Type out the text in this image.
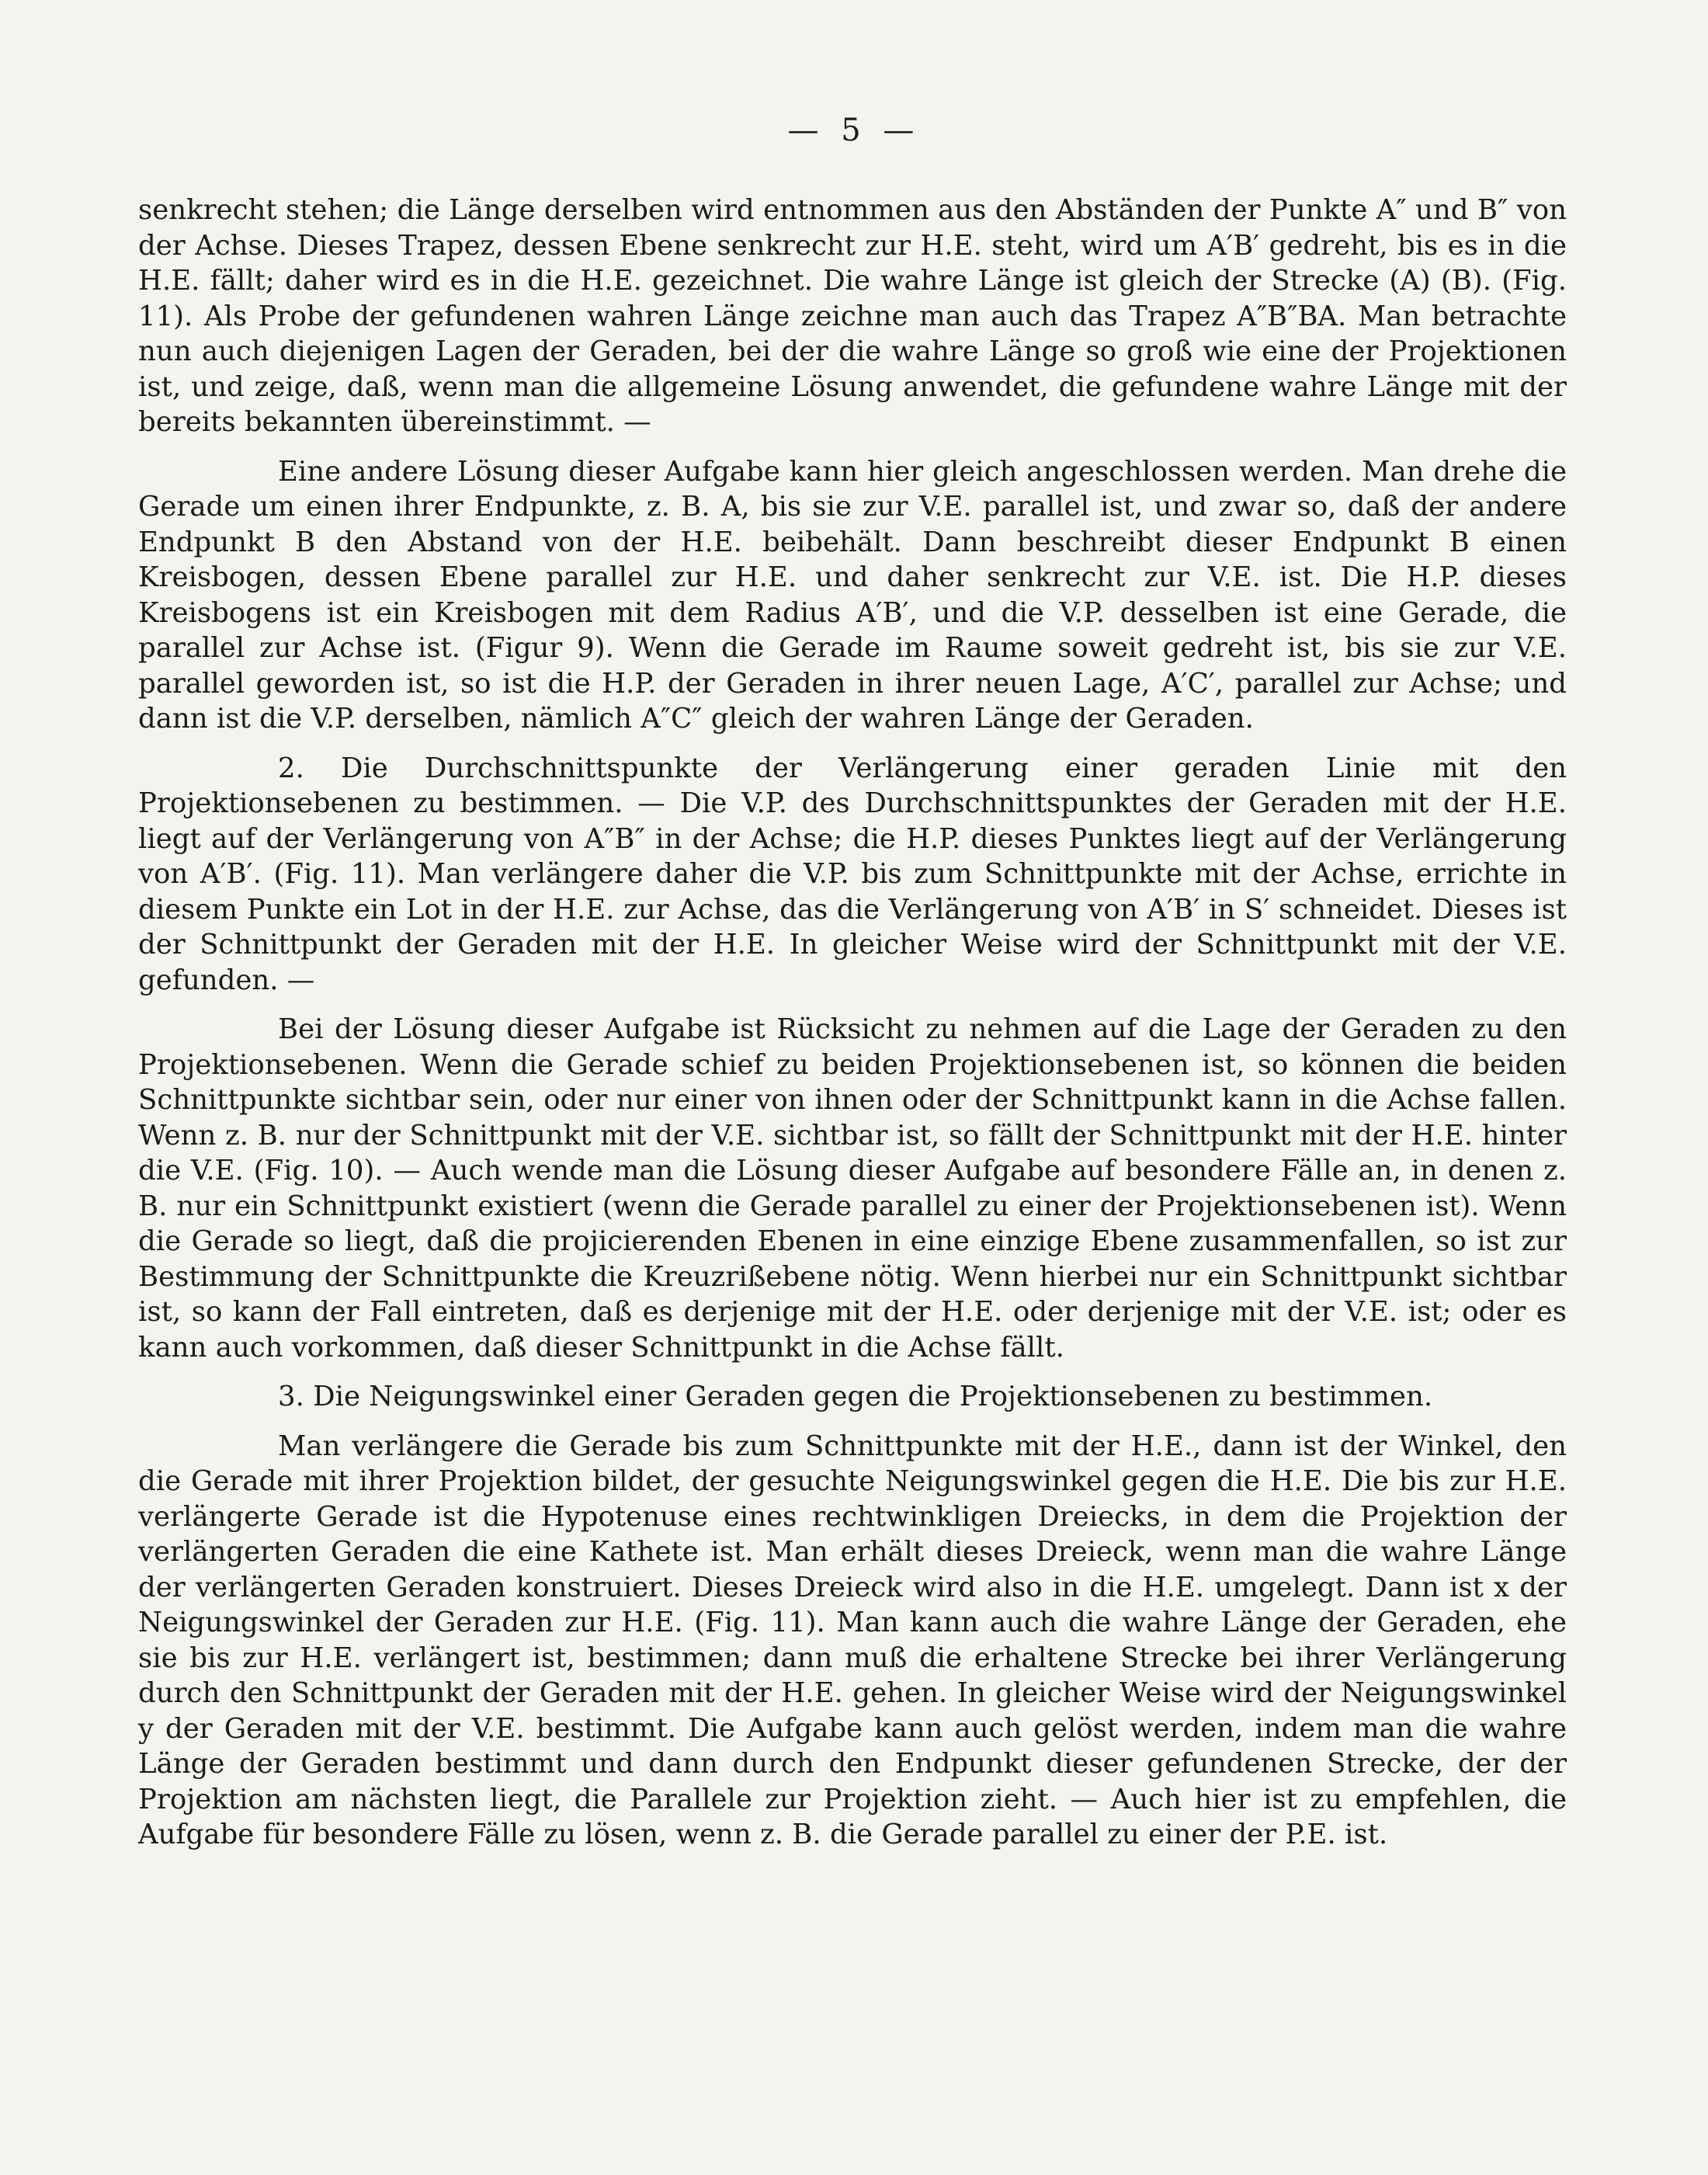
— 5 —

senkrecht stehen; die Länge derselben wird entnommen aus den Abständen der Punkte A″ und B″ von der Achse. Dieses Trapez, dessen Ebene senkrecht zur H.E. steht, wird um A′B′ gedreht, bis es in die H.E. fällt; daher wird es in die H.E. gezeichnet. Die wahre Länge ist gleich der Strecke (A) (B). (Fig. 11). Als Probe der gefundenen wahren Länge zeichne man auch das Trapez A″B″BA. Man betrachte nun auch diejenigen Lagen der Geraden, bei der die wahre Länge so groß wie eine der Projektionen ist, und zeige, daß, wenn man die allgemeine Lösung anwendet, die gefundene wahre Länge mit der bereits bekannten übereinstimmt. —

Eine andere Lösung dieser Aufgabe kann hier gleich angeschlossen werden. Man drehe die Gerade um einen ihrer Endpunkte, z. B. A, bis sie zur V.E. parallel ist, und zwar so, daß der andere Endpunkt B den Abstand von der H.E. beibehält. Dann beschreibt dieser Endpunkt B einen Kreisbogen, dessen Ebene parallel zur H.E. und daher senkrecht zur V.E. ist. Die H.P. dieses Kreisbogens ist ein Kreisbogen mit dem Radius A′B′, und die V.P. desselben ist eine Gerade, die parallel zur Achse ist. (Figur 9). Wenn die Gerade im Raume soweit gedreht ist, bis sie zur V.E. parallel geworden ist, so ist die H.P. der Geraden in ihrer neuen Lage, A′C′, parallel zur Achse; und dann ist die V.P. derselben, nämlich A″C″ gleich der wahren Länge der Geraden.

2. Die Durchschnittspunkte der Verlängerung einer geraden Linie mit den Projektionsebenen zu bestimmen. — Die V.P. des Durchschnittspunktes der Geraden mit der H.E. liegt auf der Verlängerung von A″B″ in der Achse; die H.P. dieses Punktes liegt auf der Verlängerung von A′B′. (Fig. 11). Man verlängere daher die V.P. bis zum Schnittpunkte mit der Achse, errichte in diesem Punkte ein Lot in der H.E. zur Achse, das die Verlängerung von A′B′ in S′ schneidet. Dieses ist der Schnittpunkt der Geraden mit der H.E. In gleicher Weise wird der Schnittpunkt mit der V.E. gefunden. —

Bei der Lösung dieser Aufgabe ist Rücksicht zu nehmen auf die Lage der Geraden zu den Projektionsebenen. Wenn die Gerade schief zu beiden Projektionsebenen ist, so können die beiden Schnittpunkte sichtbar sein, oder nur einer von ihnen oder der Schnittpunkt kann in die Achse fallen. Wenn z. B. nur der Schnittpunkt mit der V.E. sichtbar ist, so fällt der Schnittpunkt mit der H.E. hinter die V.E. (Fig. 10). — Auch wende man die Lösung dieser Aufgabe auf besondere Fälle an, in denen z. B. nur ein Schnittpunkt existiert (wenn die Gerade parallel zu einer der Projektionsebenen ist). Wenn die Gerade so liegt, daß die projicierenden Ebenen in eine einzige Ebene zusammenfallen, so ist zur Bestimmung der Schnittpunkte die Kreuzrißebene nötig. Wenn hierbei nur ein Schnittpunkt sichtbar ist, so kann der Fall eintreten, daß es derjenige mit der H.E. oder derjenige mit der V.E. ist; oder es kann auch vorkommen, daß dieser Schnittpunkt in die Achse fällt.

3. Die Neigungswinkel einer Geraden gegen die Projektionsebenen zu bestimmen.

Man verlängere die Gerade bis zum Schnittpunkte mit der H.E., dann ist der Winkel, den die Gerade mit ihrer Projektion bildet, der gesuchte Neigungswinkel gegen die H.E. Die bis zur H.E. verlängerte Gerade ist die Hypotenuse eines rechtwinkligen Dreiecks, in dem die Projektion der verlängerten Geraden die eine Kathete ist. Man erhält dieses Dreieck, wenn man die wahre Länge der verlängerten Geraden konstruiert. Dieses Dreieck wird also in die H.E. umgelegt. Dann ist x der Neigungswinkel der Geraden zur H.E. (Fig. 11). Man kann auch die wahre Länge der Geraden, ehe sie bis zur H.E. verlängert ist, bestimmen; dann muß die erhaltene Strecke bei ihrer Verlängerung durch den Schnittpunkt der Geraden mit der H.E. gehen. In gleicher Weise wird der Neigungswinkel y der Geraden mit der V.E. bestimmt. Die Aufgabe kann auch gelöst werden, indem man die wahre Länge der Geraden bestimmt und dann durch den Endpunkt dieser gefundenen Strecke, der der Projektion am nächsten liegt, die Parallele zur Projektion zieht. — Auch hier ist zu empfehlen, die Aufgabe für besondere Fälle zu lösen, wenn z. B. die Gerade parallel zu einer der P.E. ist.
